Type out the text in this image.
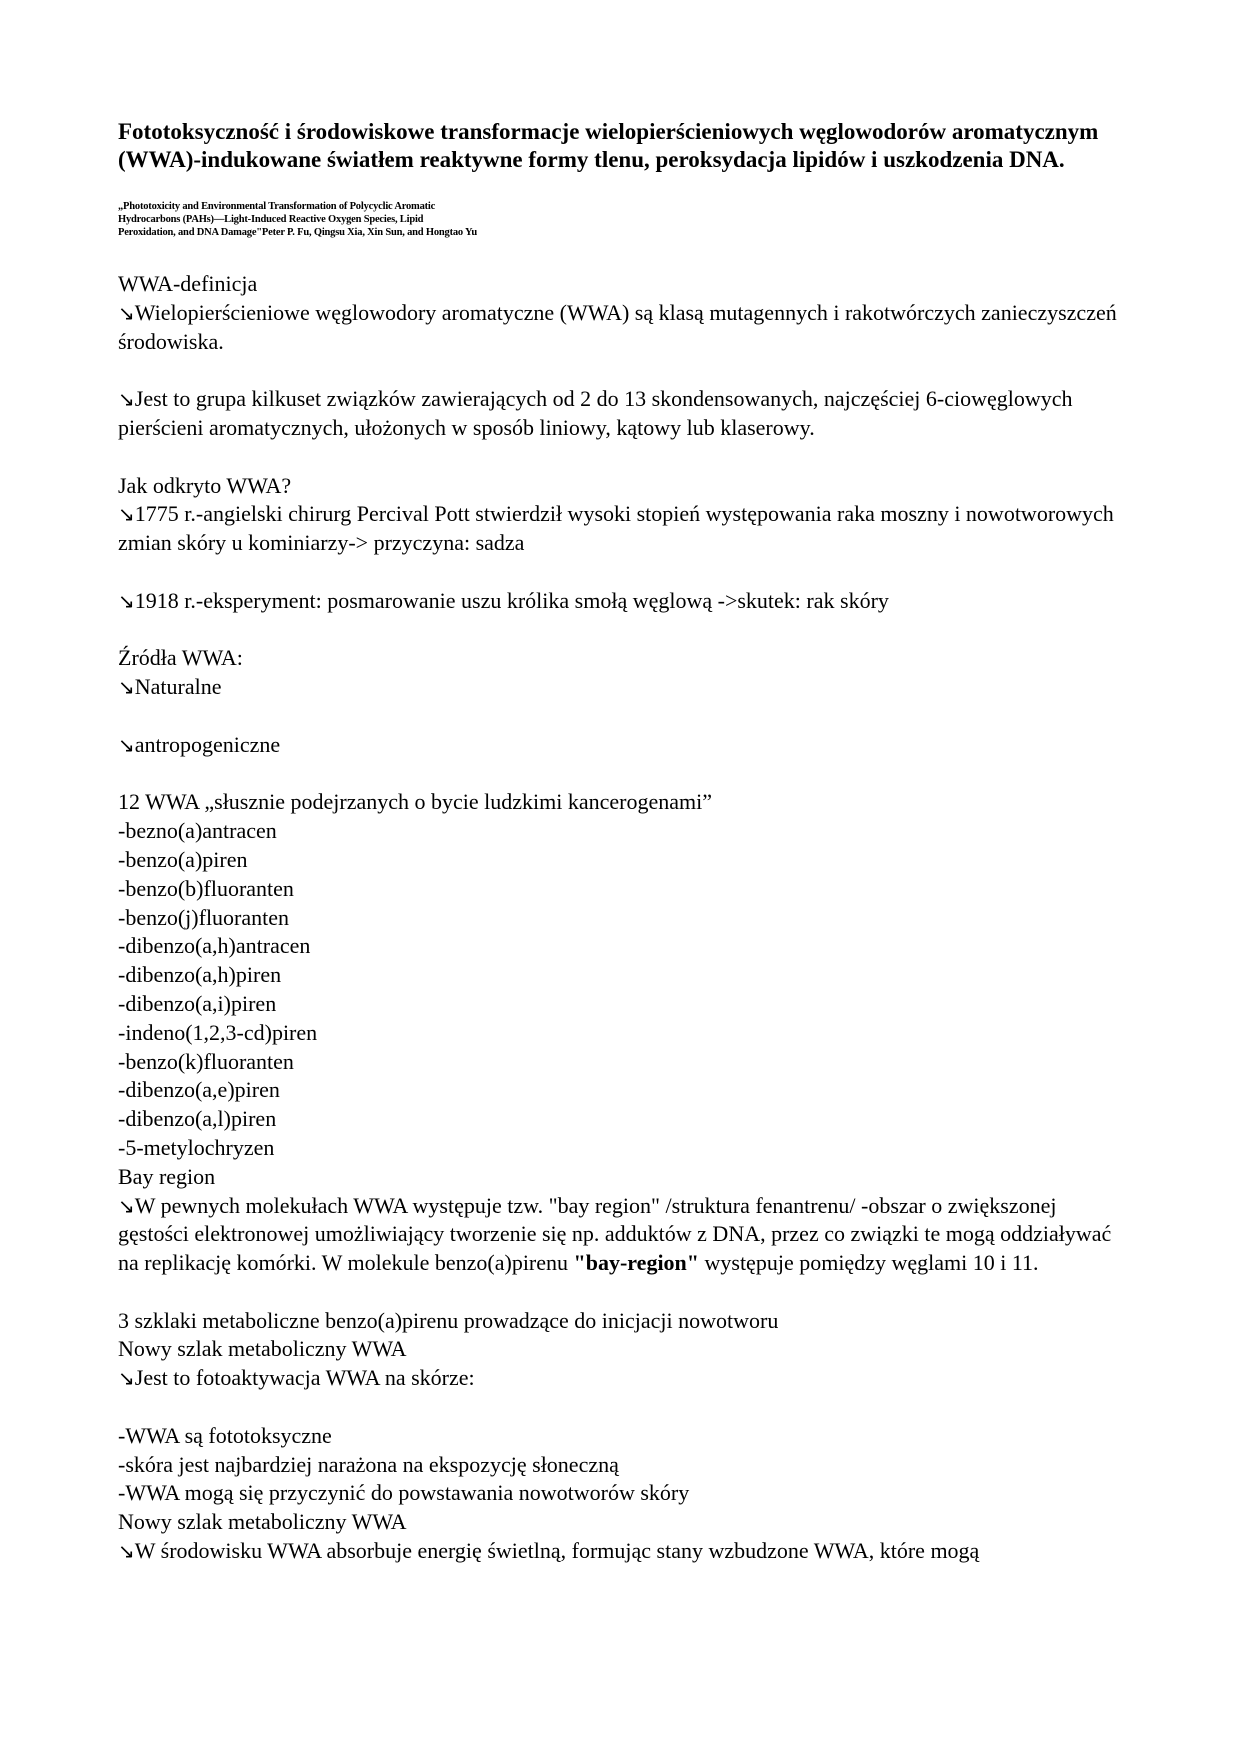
Fototoksyczność i środowiskowe transformacje wielopierścieniowych węglowodorów aromatycznym (WWA)-indukowane światłem reaktywne formy tlenu, peroksydacja lipidów i uszkodzenia DNA.
„Phototoxicity and Environmental Transformation of Polycyclic Aromatic
Hydrocarbons (PAHs)—Light-Induced Reactive Oxygen Species, Lipid
Peroxidation, and DNA Damage"Peter P. Fu, Qingsu Xia, Xin Sun, and Hongtao Yu

WWA-definicja

↘Wielopierścieniowe węglowodory aromatyczne (WWA) są klasą mutagennych i rakotwórczych zanieczyszczeń środowiska.

↘Jest to grupa kilkuset związków zawierających od 2 do 13 skondensowanych, najczęściej 6-ciowęglowych pierścieni aromatycznych, ułożonych w sposób liniowy, kątowy lub klaserowy.

Jak odkryto WWA?

↘1775 r.-angielski chirurg Percival Pott stwierdził wysoki stopień występowania raka moszny i nowotworowych zmian skóry u kominiarzy-> przyczyna: sadza

↘1918 r.-eksperyment: posmarowanie uszu królika smołą węglową ->skutek: rak skóry

Źródła WWA:

↘Naturalne

↘antropogeniczne

12 WWA „słusznie podejrzanych o bycie ludzkimi kancerogenami”

-bezno(a)antracen

-benzo(a)piren

-benzo(b)fluoranten

-benzo(j)fluoranten

-dibenzo(a,h)antracen

-dibenzo(a,h)piren

-dibenzo(a,i)piren

-indeno(1,2,3-cd)piren

-benzo(k)fluoranten

-dibenzo(a,e)piren

-dibenzo(a,l)piren

-5-metylochryzen

Bay region

↘W pewnych molekułach WWA występuje tzw. "bay region" /struktura fenantrenu/ -obszar o zwiększonej gęstości elektronowej umożliwiający tworzenie się np. adduktów z DNA, przez co związki te mogą oddziaływać na replikację komórki. W molekule benzo(a)pirenu "bay-region" występuje pomiędzy węglami 10 i 11.

3 szklaki metaboliczne benzo(a)pirenu prowadzące do inicjacji nowotworu

Nowy szlak metaboliczny WWA

↘Jest to fotoaktywacja WWA na skórze:

-WWA są fototoksyczne

-skóra jest najbardziej narażona na ekspozycję słoneczną

-WWA mogą się przyczynić do powstawania nowotworów skóry

Nowy szlak metaboliczny WWA

↘W środowisku WWA absorbuje energię świetlną, formując stany wzbudzone WWA, które mogą
